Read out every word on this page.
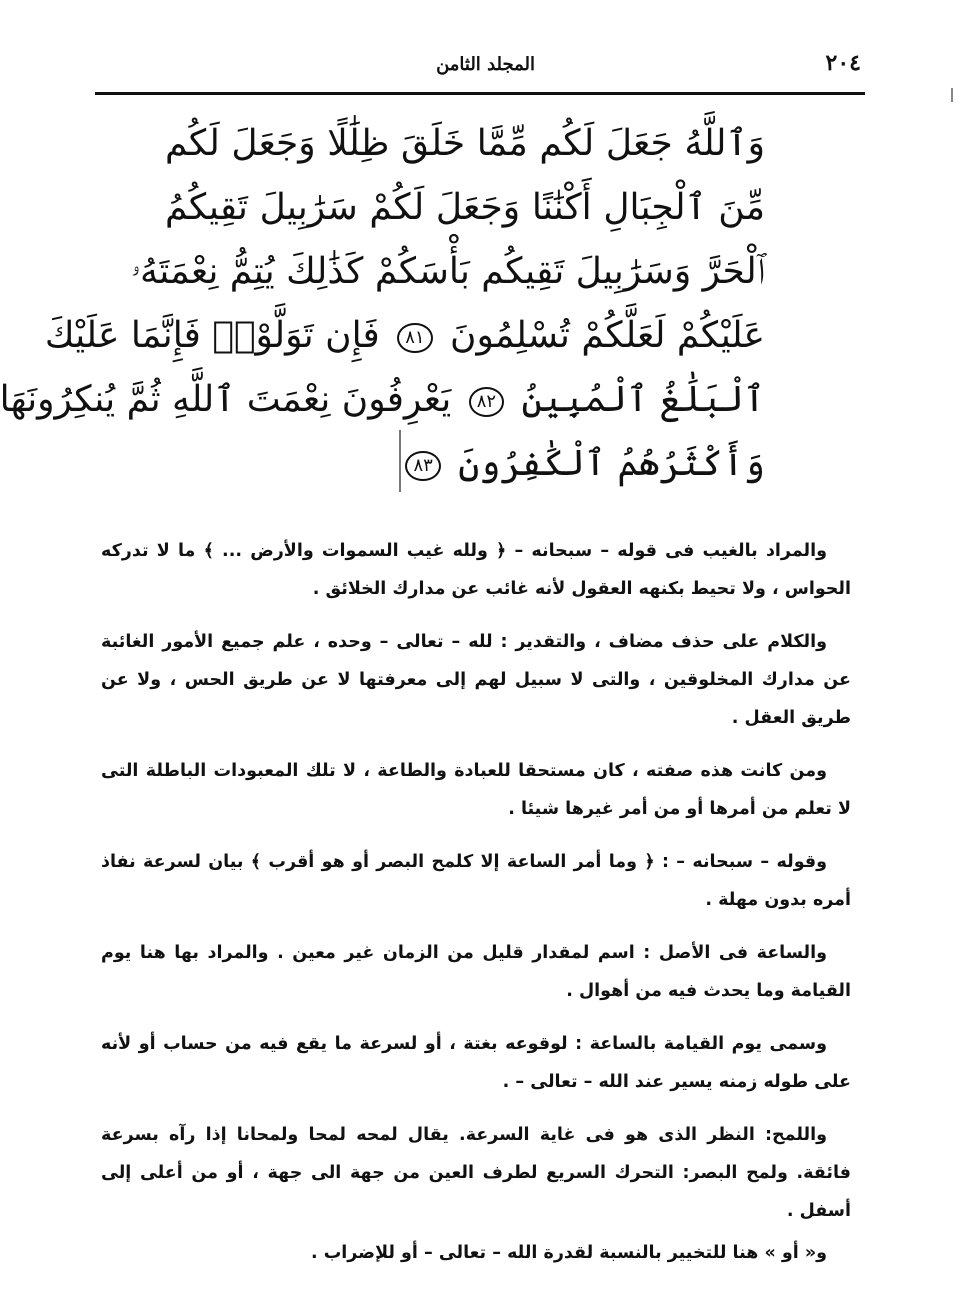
٢٠٤
المجلد الثامن
وَٱللَّهُ جَعَلَ لَكُم مِّمَّا خَلَقَ ظِلَٰلًا وَجَعَلَ لَكُم
مِّنَ ٱلْجِبَالِ أَكْنَٰنًا وَجَعَلَ لَكُمْ سَرَٰبِيلَ تَقِيكُمُ
ٱلْحَرَّ وَسَرَٰبِيلَ تَقِيكُم بَأْسَكُمْ كَذَٰلِكَ يُتِمُّ نِعْمَتَهُۥ
عَلَيْكُمْ لَعَلَّكُمْ تُسْلِمُونَ ٨١ فَإِن تَوَلَّوْا۟ فَإِنَّمَا عَلَيْكَ
ٱلْبَلَٰغُ ٱلْمُبِينُ ٨٢ يَعْرِفُونَ نِعْمَتَ ٱللَّهِ ثُمَّ يُنكِرُونَهَا
وَأَكْثَرُهُمُ ٱلْكَٰفِرُونَ ٨٣

والمراد بالغيب فى قوله – سبحانه – ﴿ ولله غيب السموات والأرض ... ﴾ ما لا تدركه الحواس ، ولا تحيط بكنهه العقول لأنه غائب عن مدارك الخلائق .

والكلام على حذف مضاف ، والتقدير : لله – تعالى – وحده ، علم جميع الأمور الغائبة عن مدارك المخلوقين ، والتى لا سبيل لهم إلى معرفتها لا عن طريق الحس ، ولا عن طريق العقل .

ومن كانت هذه صفته ، كان مستحقا للعبادة والطاعة ، لا تلك المعبودات الباطلة التى لا تعلم من أمرها أو من أمر غيرها شيئا .

وقوله – سبحانه – : ﴿ وما أمر الساعة إلا كلمح البصر أو هو أقرب ﴾ بيان لسرعة نفاذ أمره بدون مهلة .

والساعة فى الأصل : اسم لمقدار قليل من الزمان غير معين . والمراد بها هنا يوم القيامة وما يحدث فيه من أهوال .

وسمى يوم القيامة بالساعة : لوقوعه بغتة ، أو لسرعة ما يقع فيه من حساب أو لأنه على طوله زمنه يسير عند الله – تعالى – .

واللمح: النظر الذى هو فى غاية السرعة. يقال لمحه لمحا ولمحانا إذا رآه بسرعة فائقة. ولمح البصر: التحرك السريع لطرف العين من جهة الى جهة ، أو من أعلى إلى أسفل .

و« أو » هنا للتخيير بالنسبة لقدرة الله – تعالى – أو للإضراب .
